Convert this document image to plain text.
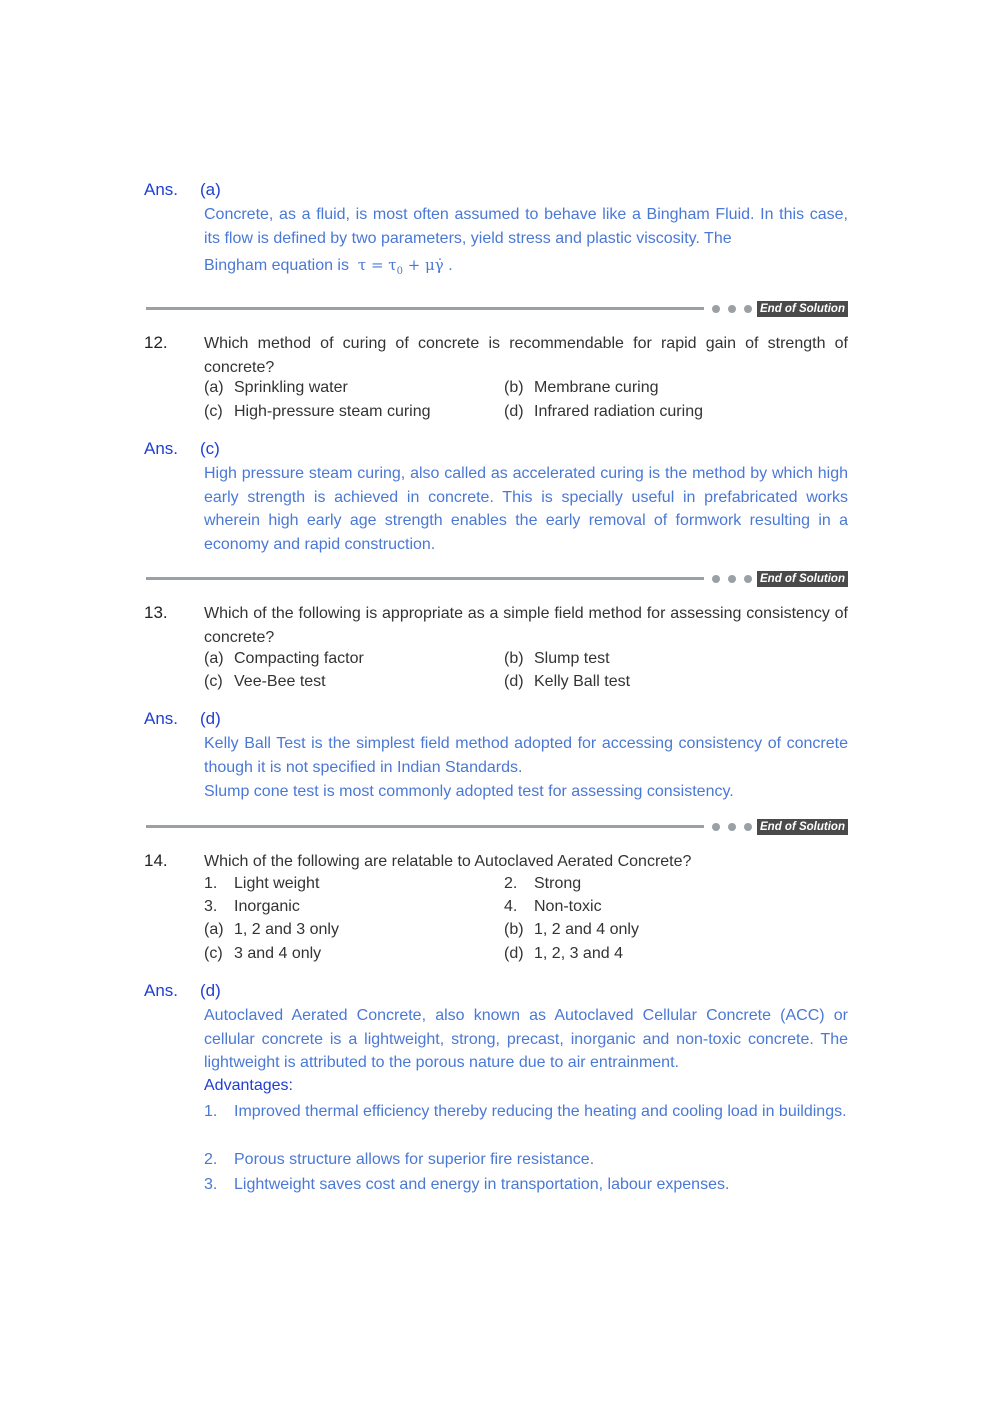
Ans. (a)
Concrete, as a fluid, is most often assumed to behave like a Bingham Fluid. In this case, its flow is defined by two parameters, yield stress and plastic viscosity. The
Bingham equation is $\tau = \tau_0$ + μγ̇ .
End of Solution
12. Which method of curing of concrete is recommendable for rapid gain of strength of concrete?
(a) Sprinkling water	(b) Membrane curing
(c) High-pressure steam curing	(d) Infrared radiation curing
Ans. (c)
High pressure steam curing, also called as accelerated curing is the method by which high early strength is achieved in concrete. This is specially useful in prefabricated works wherein high early age strength enables the early removal of formwork resulting in a economy and rapid construction.
End of Solution
13. Which of the following is appropriate as a simple field method for assessing consistency of concrete?
(a) Compacting factor	(b) Slump test
(c) Vee-Bee test	(d) Kelly Ball test
Ans. (d)
Kelly Ball Test is the simplest field method adopted for accessing consistency of concrete though it is not specified in Indian Standards.
Slump cone test is most commonly adopted test for assessing consistency.
End of Solution
14. Which of the following are relatable to Autoclaved Aerated Concrete?
1. Light weight	2. Strong
3. Inorganic	4. Non-toxic
(a) 1, 2 and 3 only	(b) 1, 2 and 4 only
(c) 3 and 4 only	(d) 1, 2, 3 and 4
Ans. (d)
Autoclaved Aerated Concrete, also known as Autoclaved Cellular Concrete (ACC) or cellular concrete is a lightweight, strong, precast, inorganic and non-toxic concrete. The lightweight is attributed to the porous nature due to air entrainment.
Advantages:
1.	Improved thermal efficiency thereby reducing the heating and cooling load in buildings.
2.	Porous structure allows for superior fire resistance.
3.	Lightweight saves cost and energy in transportation, labour expenses.
